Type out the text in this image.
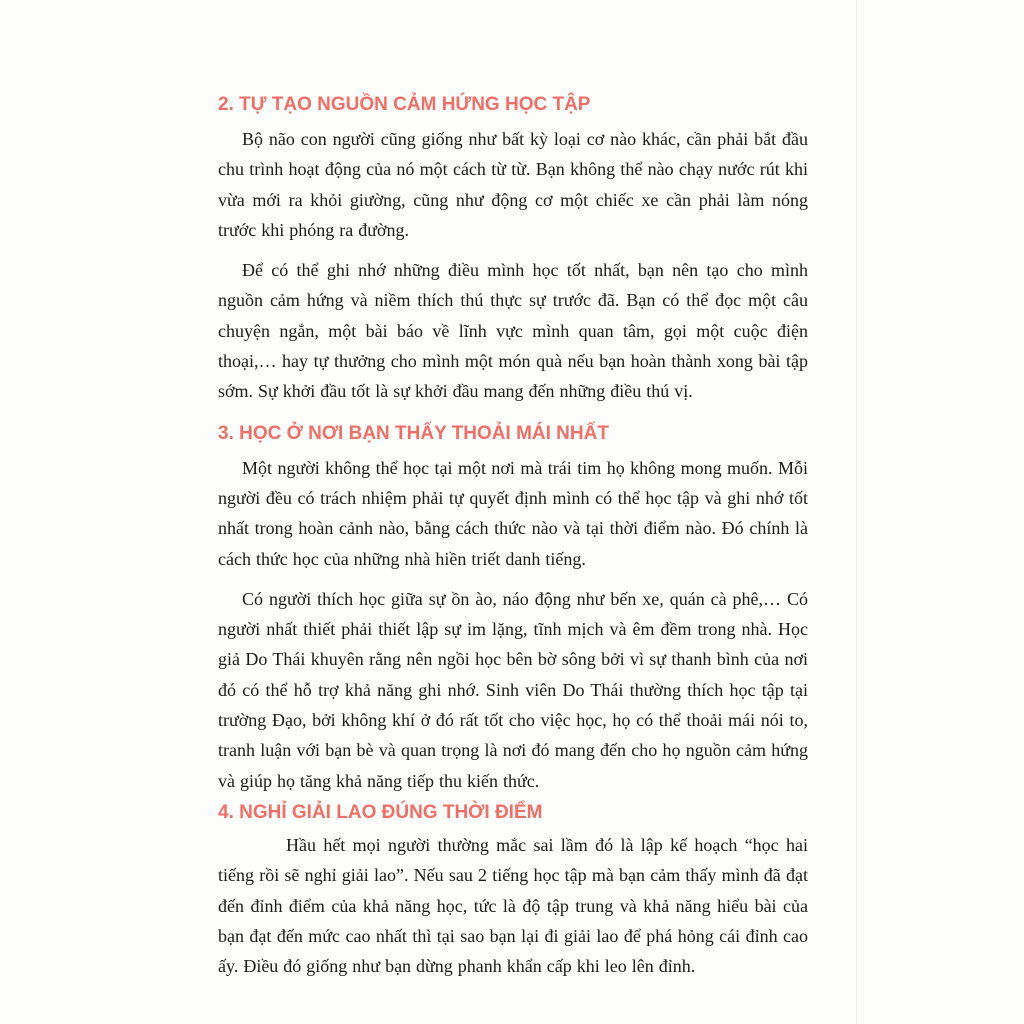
2. TỰ TẠO NGUỒN CẢM HỨNG HỌC TẬP

Bộ não con người cũng giống như bất kỳ loại cơ nào khác, cần phải bắt đầu chu trình hoạt động của nó một cách từ từ. Bạn không thể nào chạy nước rút khi vừa mới ra khỏi giường, cũng như động cơ một chiếc xe cần phải làm nóng trước khi phóng ra đường.

Để có thể ghi nhớ những điều mình học tốt nhất, bạn nên tạo cho mình nguồn cảm hứng và niềm thích thú thực sự trước đã. Bạn có thể đọc một câu chuyện ngắn, một bài báo về lĩnh vực mình quan tâm, gọi một cuộc điện thoại,… hay tự thưởng cho mình một món quà nếu bạn hoàn thành xong bài tập sớm. Sự khởi đầu tốt là sự khởi đầu mang đến những điều thú vị.

3. HỌC Ở NƠI BẠN THẤY THOẢI MÁI NHẤT

Một người không thể học tại một nơi mà trái tim họ không mong muốn. Mỗi người đều có trách nhiệm phải tự quyết định mình có thể học tập và ghi nhớ tốt nhất trong hoàn cảnh nào, bằng cách thức nào và tại thời điểm nào. Đó chính là cách thức học của những nhà hiền triết danh tiếng.

Có người thích học giữa sự ồn ào, náo động như bến xe, quán cà phê,… Có người nhất thiết phải thiết lập sự im lặng, tĩnh mịch và êm đềm trong nhà. Học giả Do Thái khuyên rằng nên ngồi học bên bờ sông bởi vì sự thanh bình của nơi đó có thể hỗ trợ khả năng ghi nhớ. Sinh viên Do Thái thường thích học tập tại trường Đạo, bởi không khí ở đó rất tốt cho việc học, họ có thể thoải mái nói to, tranh luận với bạn bè và quan trọng là nơi đó mang đến cho họ nguồn cảm hứng và giúp họ tăng khả năng tiếp thu kiến thức.

4. NGHỈ GIẢI LAO ĐÚNG THỜI ĐIỂM

Hầu hết mọi người thường mắc sai lầm đó là lập kế hoạch “học hai tiếng rồi sẽ nghỉ giải lao”. Nếu sau 2 tiếng học tập mà bạn cảm thấy mình đã đạt đến đỉnh điểm của khả năng học, tức là độ tập trung và khả năng hiểu bài của bạn đạt đến mức cao nhất thì tại sao bạn lại đi giải lao để phá hỏng cái đỉnh cao ấy. Điều đó giống như bạn dừng phanh khẩn cấp khi leo lên đỉnh.
